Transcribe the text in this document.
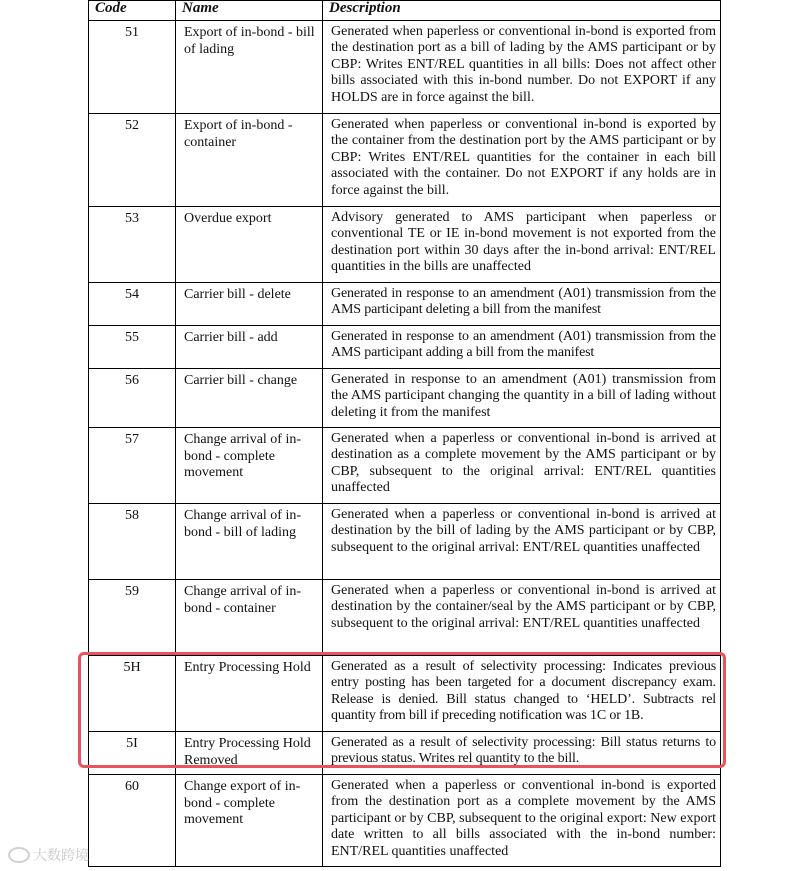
Code	Name	Description
51	Export of in-bond - bill of lading	Generated when paperless or conventional in-bond is exported from the destination port as a bill of lading by the AMS participant or by CBP: Writes ENT/REL quantities in all bills: Does not affect other bills associated with this in-bond number. Do not EXPORT if any HOLDS are in force against the bill.
52	Export of in-bond - container	Generated when paperless or conventional in-bond is exported by the container from the destination port by the AMS participant or by CBP: Writes ENT/REL quantities for the container in each bill associated with the container. Do not EXPORT if any holds are in force against the bill.
53	Overdue export	Advisory generated to AMS participant when paperless or conventional TE or IE in-bond movement is not exported from the destination port within 30 days after the in-bond arrival: ENT/REL quantities in the bills are unaffected
54	Carrier bill - delete	Generated in response to an amendment (A01) transmission from the AMS participant deleting a bill from the manifest
55	Carrier bill - add	Generated in response to an amendment (A01) transmission from the AMS participant adding a bill from the manifest
56	Carrier bill - change	Generated in response to an amendment (A01) transmission from the AMS participant changing the quantity in a bill of lading without deleting it from the manifest
57	Change arrival of in-bond - complete movement	Generated when a paperless or conventional in-bond is arrived at destination as a complete movement by the AMS participant or by CBP, subsequent to the original arrival: ENT/REL quantities unaffected
58	Change arrival of in-bond - bill of lading	Generated when a paperless or conventional in-bond is arrived at destination by the bill of lading by the AMS participant or by CBP, subsequent to the original arrival: ENT/REL quantities unaffected
59	Change arrival of in-bond - container	Generated when a paperless or conventional in-bond is arrived at destination by the container/seal by the AMS participant or by CBP, subsequent to the original arrival: ENT/REL quantities unaffected
5H	Entry Processing Hold	Generated as a result of selectivity processing: Indicates previous entry posting has been targeted for a document discrepancy exam. Release is denied. Bill status changed to ‘HELD’. Subtracts rel quantity from bill if preceding notification was 1C or 1B.
5I	Entry Processing Hold Removed	Generated as a result of selectivity processing: Bill status returns to previous status. Writes rel quantity to the bill.
60	Change export of in-bond - complete movement	Generated when a paperless or conventional in-bond is exported from the destination port as a complete movement by the AMS participant or by CBP, subsequent to the original export: New export date written to all bills associated with the in-bond number: ENT/REL quantities unaffected
大数跨境
